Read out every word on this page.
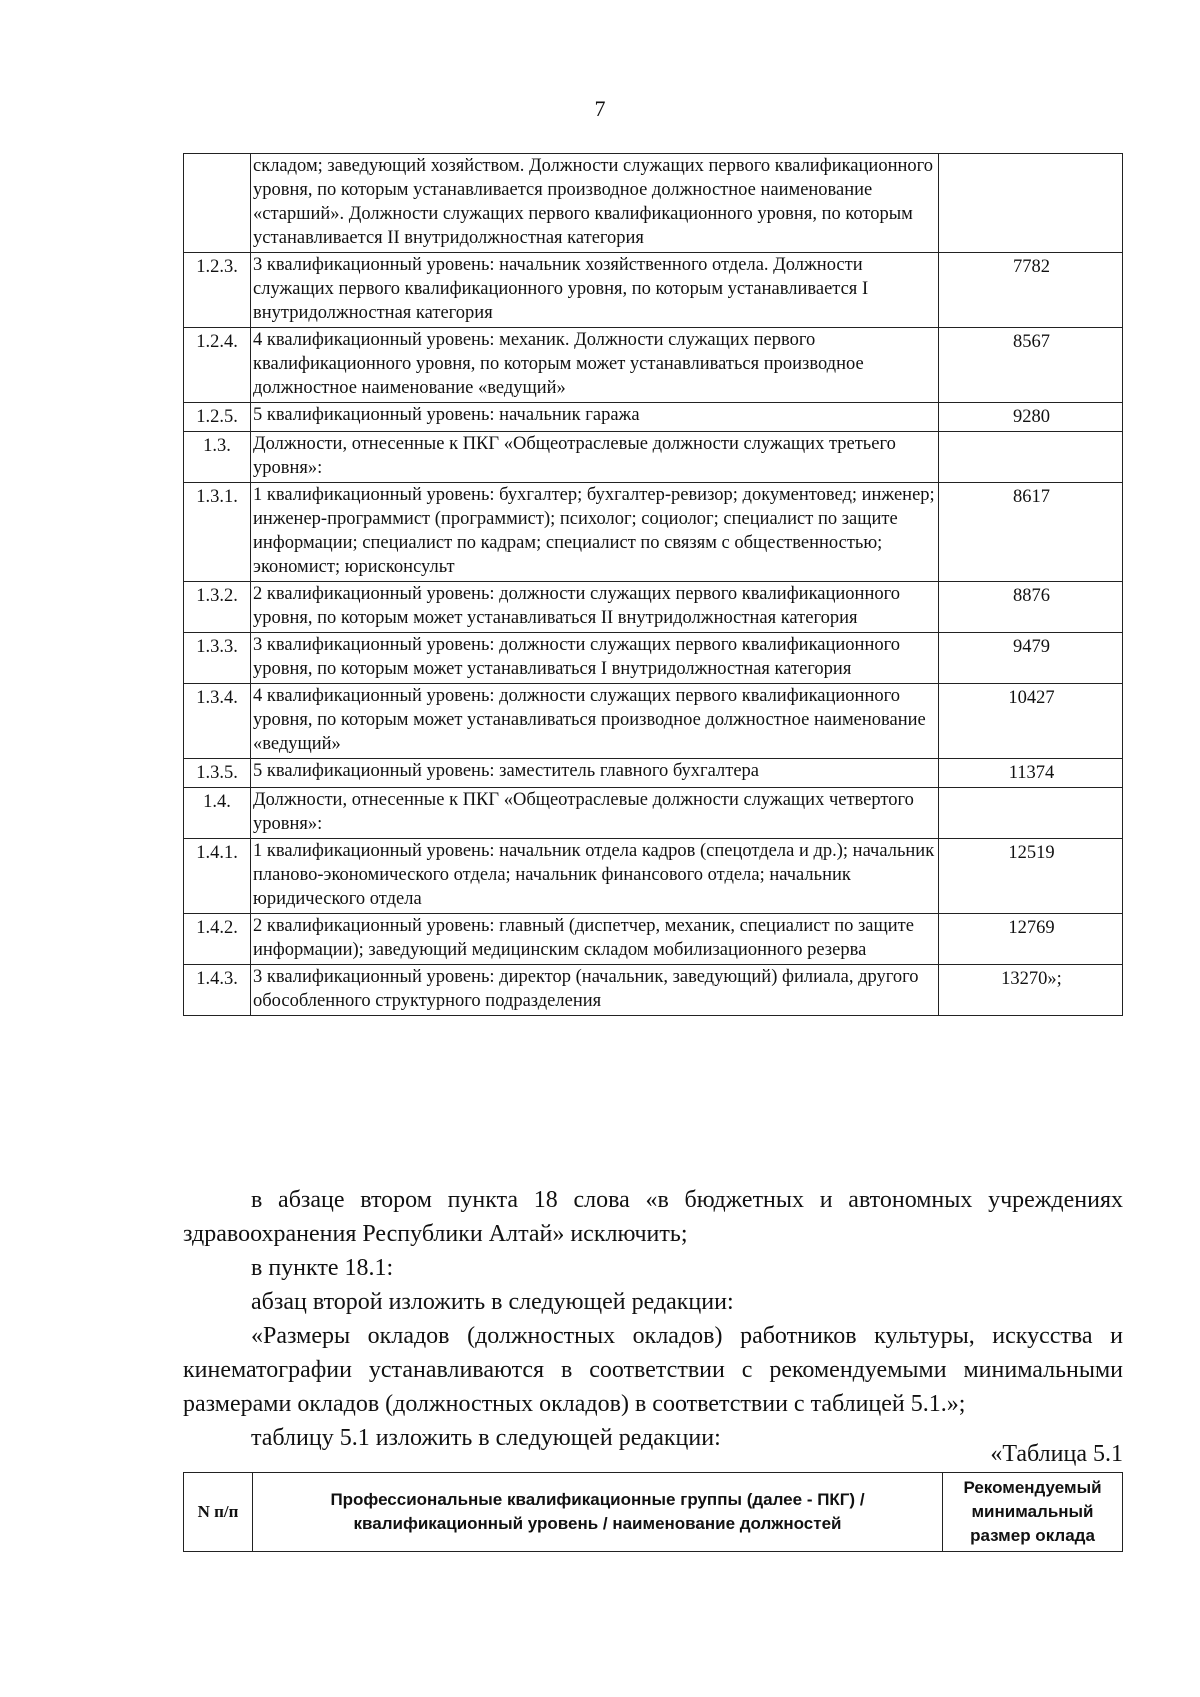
7
	складом; заведующий хозяйством. Должности служащих первого квалификационного уровня, по которым устанавливается производное должностное наименование «старший». Должности служащих первого квалификационного уровня, по которым устанавливается II внутридолжностная категория	
1.2.3.	3 квалификационный уровень: начальник хозяйственного отдела. Должности служащих первого квалификационного уровня, по которым устанавливается I внутридолжностная категория	7782
1.2.4.	4 квалификационный уровень: механик. Должности служащих первого квалификационного уровня, по которым может устанавливаться производное должностное наименование «ведущий»	8567
1.2.5.	5 квалификационный уровень: начальник гаража	9280
1.3.	Должности, отнесенные к ПКГ «Общеотраслевые должности служащих третьего уровня»:	
1.3.1.	1 квалификационный уровень: бухгалтер; бухгалтер-ревизор; документовед; инженер; инженер-программист (программист); психолог; социолог; специалист по защите информации; специалист по кадрам; специалист по связям с общественностью; экономист; юрисконсульт	8617
1.3.2.	2 квалификационный уровень: должности служащих первого квалификационного уровня, по которым может устанавливаться II внутридолжностная категория	8876
1.3.3.	3 квалификационный уровень: должности служащих первого квалификационного уровня, по которым может устанавливаться I внутридолжностная категория	9479
1.3.4.	4 квалификационный уровень: должности служащих первого квалификационного уровня, по которым может устанавливаться производное должностное наименование «ведущий»	10427
1.3.5.	5 квалификационный уровень: заместитель главного бухгалтера	11374
1.4.	Должности, отнесенные к ПКГ «Общеотраслевые должности служащих четвертого уровня»:	
1.4.1.	1 квалификационный уровень: начальник отдела кадров (спецотдела и др.); начальник планово-экономического отдела; начальник финансового отдела; начальник юридического отдела	12519
1.4.2.	2 квалификационный уровень: главный (диспетчер, механик, специалист по защите информации); заведующий медицинским складом мобилизационного резерва	12769
1.4.3.	3 квалификационный уровень: директор (начальник, заведующий) филиала, другого обособленного структурного подразделения	13270»;
в абзаце втором пункта 18 слова «в бюджетных и автономных учреждениях здравоохранения Республики Алтай» исключить;
в пункте 18.1:
абзац второй изложить в следующей редакции:
«Размеры окладов (должностных окладов) работников культуры, искусства и кинематографии устанавливаются в соответствии с рекомендуемыми минимальными размерами окладов (должностных окладов) в соответствии с таблицей 5.1.»;
таблицу 5.1 изложить в следующей редакции:
«Таблица 5.1
N п/п	Профессиональные квалификационные группы (далее - ПКГ) / квалификационный уровень / наименование должностей	Рекомендуемый минимальный размер оклада
